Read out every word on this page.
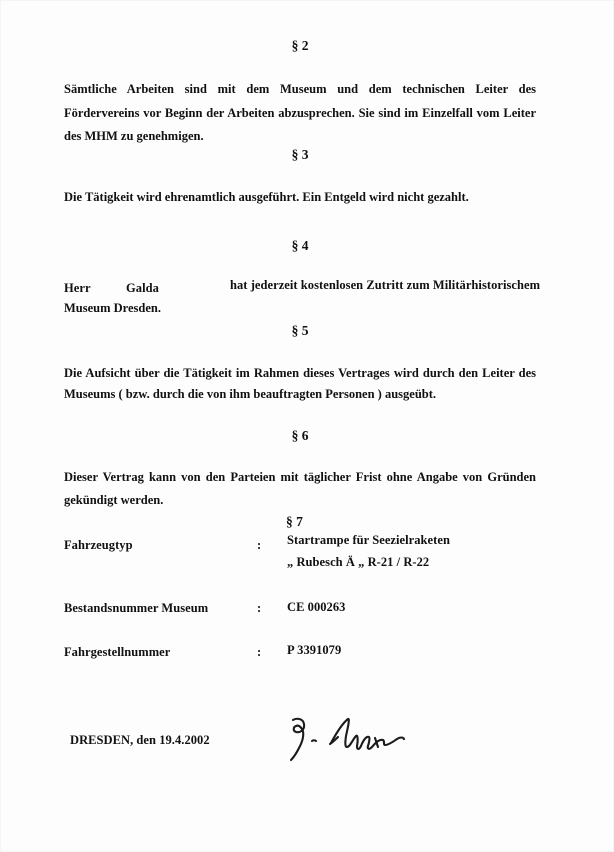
§ 2
Sämtliche Arbeiten sind mit dem Museum und dem technischen Leiter des
Fördervereins vor Beginn der Arbeiten abzusprechen. Sie sind im Einzelfall vom Leiter
des MHM zu genehmigen.
§ 3
Die Tätigkeit wird ehrenamtlich ausgeführt. Ein Entgeld wird nicht gezahlt.
§ 4
Herr	Galda	hat jederzeit kostenlosen Zutritt zum Militärhistorischem
Museum Dresden.
§ 5
Die Aufsicht über die Tätigkeit im Rahmen dieses Vertrages wird durch den Leiter des
Museums ( bzw. durch die von ihm beauftragten Personen ) ausgeübt.
§ 6
Dieser Vertrag kann von den Parteien mit täglicher Frist ohne Angabe von Gründen
gekündigt werden.
§ 7
Fahrzeugtyp	: Startrampe für Seezielraketen
„ Rubesch Ä „ R-21 / R-22
Bestandsnummer Museum	: CE 000263
Fahrgestellnummer	: P 3391079
DRESDEN, den 19.4.2002
